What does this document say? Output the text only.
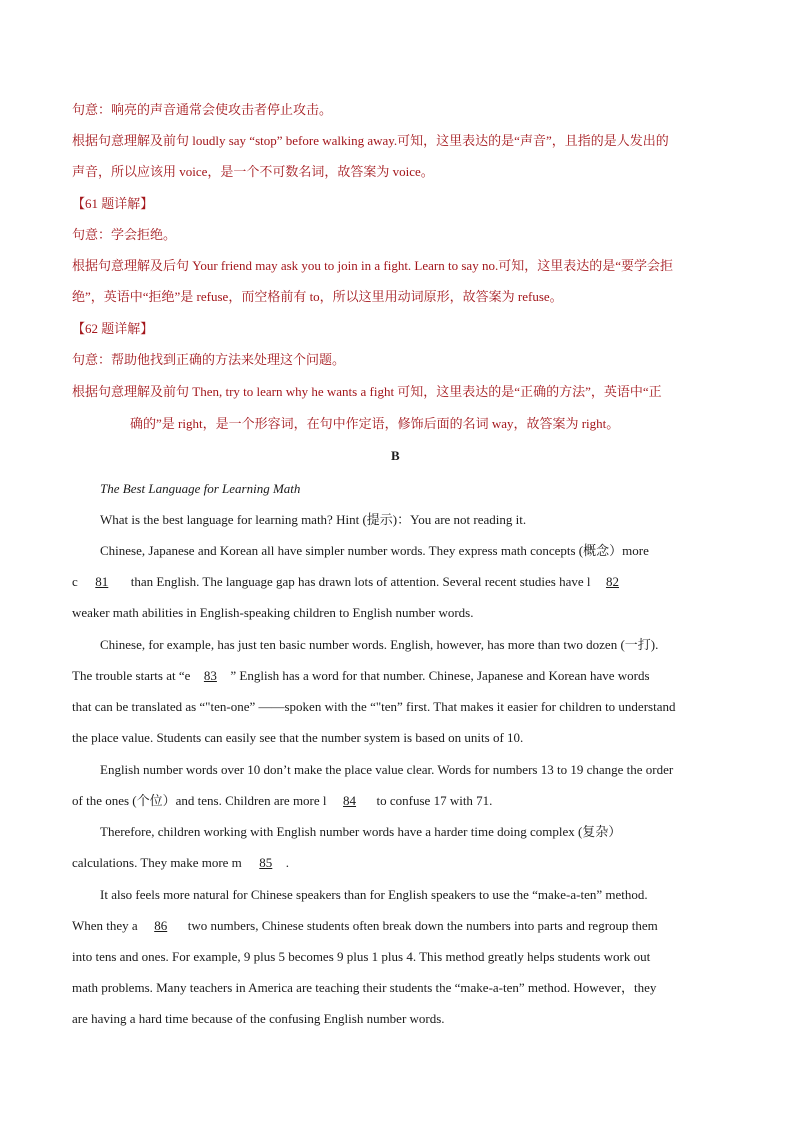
句意：响亮的声音通常会使攻击者停止攻击。
根据句意理解及前句 loudly say “stop” before walking away.可知，这里表达的是“声音”，且指的是人发出的
声音，所以应该用 voice，是一个不可数名词，故答案为 voice。
【61 题详解】
句意：学会拒绝。
根据句意理解及后句 Your friend may ask you to join in a fight. Learn to say no.可知，这里表达的是“要学会拒
绝”，英语中“拒绝”是 refuse，而空格前有 to，所以这里用动词原形，故答案为 refuse。
【62 题详解】
句意：帮助他找到正确的方法来处理这个问题。
根据句意理解及前句 Then, try to learn why he wants a fight 可知，这里表达的是“正确的方法”，英语中“正
确的”是 right，是一个形容词，在句中作定语，修饰后面的名词 way，故答案为 right。
B
The Best Language for Learning Math
What is the best language for learning math? Hint (提示)：You are not reading it.
Chinese, Japanese and Korean all have simpler number words. They express math concepts (概念）more
c 81 than English. The language gap has drawn lots of attention. Several recent studies have l 82
weaker math abilities in English-speaking children to English number words.
Chinese, for example, has just ten basic number words. English, however, has more than two dozen (一打).
The trouble starts at “e 83 ” English has a word for that number. Chinese, Japanese and Korean have words
that can be translated as “"ten-one” ——spoken with the “"ten” first. That makes it easier for children to understand
the place value. Students can easily see that the number system is based on units of 10.
English number words over 10 don’t make the place value clear. Words for numbers 13 to 19 change the order
of the ones (个位）and tens. Children are more l 84 to confuse 17 with 71.
Therefore, children working with English number words have a harder time doing complex (复杂）
calculations. They make more m 85 .
It also feels more natural for Chinese speakers than for English speakers to use the “make-a-ten” method.
When they a 86 two numbers, Chinese students often break down the numbers into parts and regroup them
into tens and ones. For example, 9 plus 5 becomes 9 plus 1 plus 4. This method greatly helps students work out
math problems. Many teachers in America are teaching their students the “make-a-ten” method. However，they
are having a hard time because of the confusing English number words.
